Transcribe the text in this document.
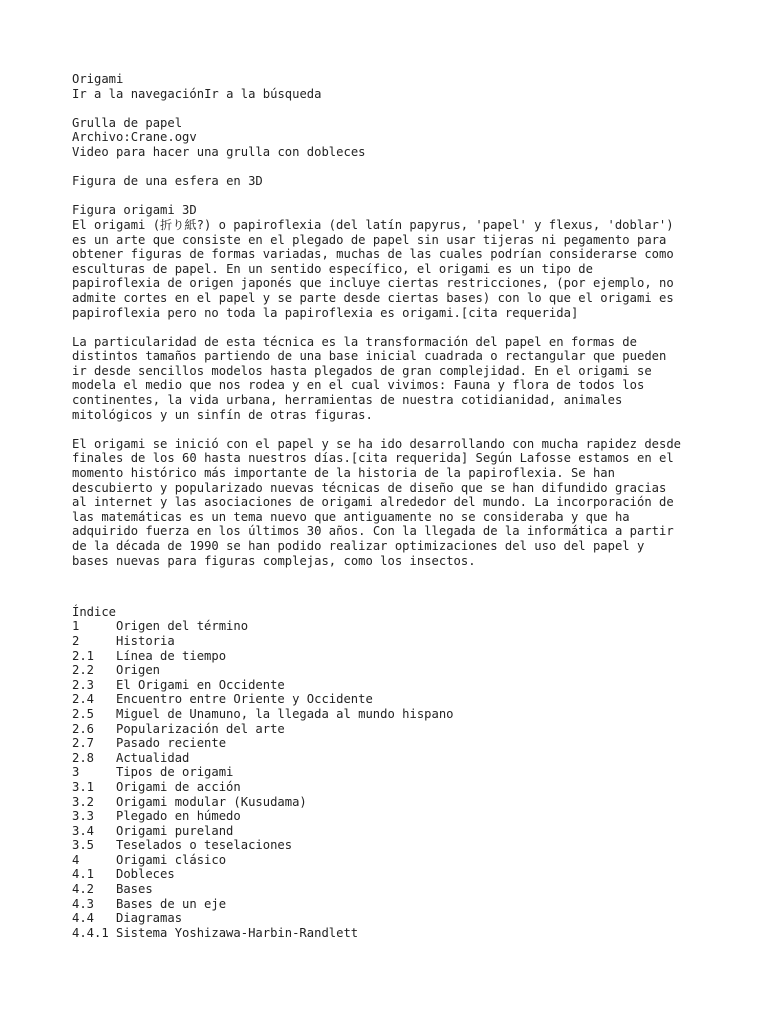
Origami
Ir a la navegaciónIr a la búsqueda
Grulla de papel
Archivo:Crane.ogv
Video para hacer una grulla con dobleces
Figura de una esfera en 3D
Figura origami 3D
El origami (折り紙?) o papiroflexia (del latín papyrus, 'papel' y flexus, 'doblar')
es un arte que consiste en el plegado de papel sin usar tijeras ni pegamento para
obtener figuras de formas variadas, muchas de las cuales podrían considerarse como
esculturas de papel. En un sentido específico, el origami es un tipo de
papiroflexia de origen japonés que incluye ciertas restricciones, (por ejemplo, no
admite cortes en el papel y se parte desde ciertas bases) con lo que el origami es
papiroflexia pero no toda la papiroflexia es origami.[cita requerida]
La particularidad de esta técnica es la transformación del papel en formas de
distintos tamaños partiendo de una base inicial cuadrada o rectangular que pueden
ir desde sencillos modelos hasta plegados de gran complejidad. En el origami se
modela el medio que nos rodea y en el cual vivimos: Fauna y flora de todos los
continentes, la vida urbana, herramientas de nuestra cotidianidad, animales
mitológicos y un sinfín de otras figuras.
El origami se inició con el papel y se ha ido desarrollando con mucha rapidez desde
finales de los 60 hasta nuestros días.[cita requerida] Según Lafosse estamos en el
momento histórico más importante de la historia de la papiroflexia. Se han
descubierto y popularizado nuevas técnicas de diseño que se han difundido gracias
al internet y las asociaciones de origami alrededor del mundo. La incorporación de
las matemáticas es un tema nuevo que antiguamente no se consideraba y que ha
adquirido fuerza en los últimos 30 años. Con la llegada de la informática a partir
de la década de 1990 se han podido realizar optimizaciones del uso del papel y
bases nuevas para figuras complejas, como los insectos.
Índice
1	Origen del término
2	Historia
2.1	Línea de tiempo
2.2	Origen
2.3	El Origami en Occidente
2.4	Encuentro entre Oriente y Occidente
2.5	Miguel de Unamuno, la llegada al mundo hispano
2.6	Popularización del arte
2.7	Pasado reciente
2.8	Actualidad
3	Tipos de origami
3.1	Origami de acción
3.2	Origami modular (Kusudama)
3.3	Plegado en húmedo
3.4	Origami pureland
3.5	Teselados o teselaciones
4	Origami clásico
4.1	Dobleces
4.2	Bases
4.3	Bases de un eje
4.4	Diagramas
4.4.1 Sistema Yoshizawa-Harbin-Randlett
